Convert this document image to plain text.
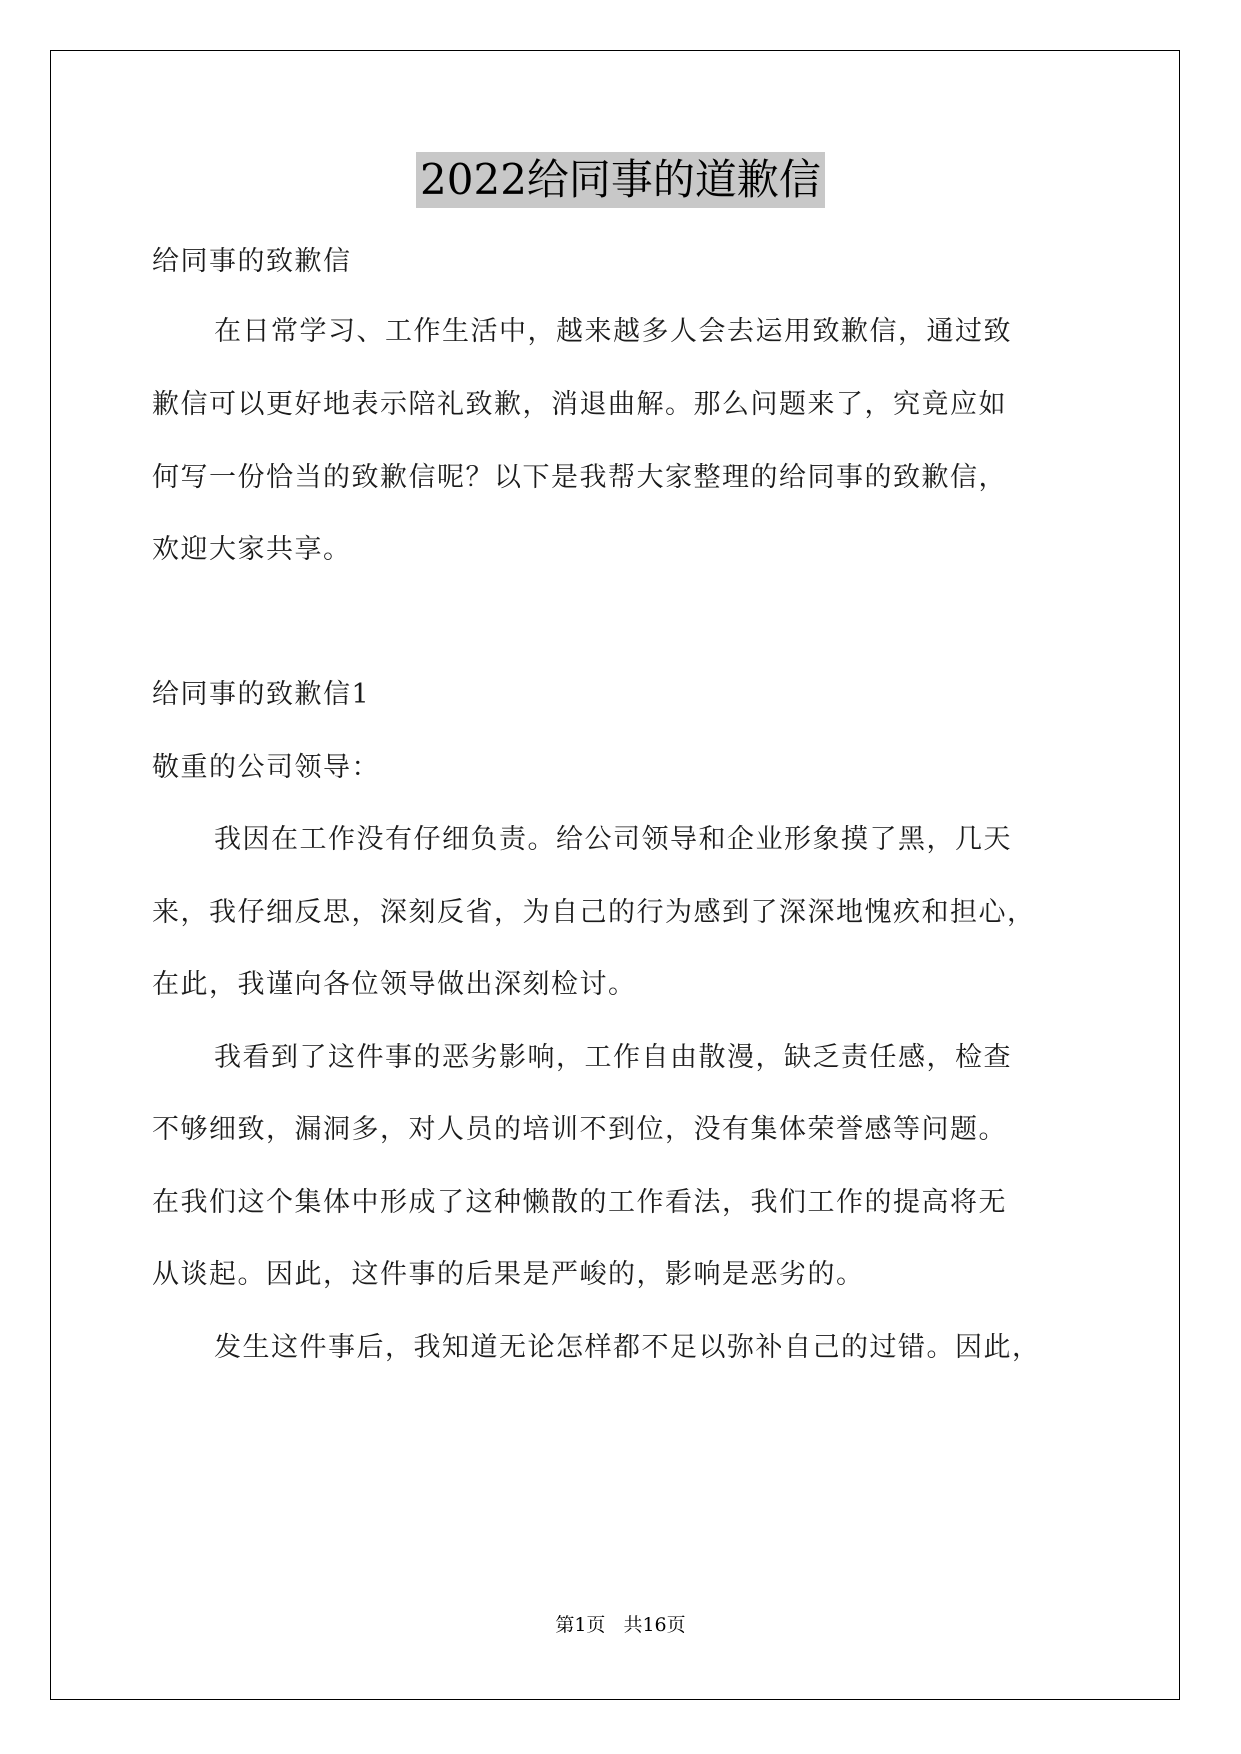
2022给同事的道歉信
给同事的致歉信
在日常学习、工作生活中，越来越多人会去运用致歉信，通过致
歉信可以更好地表示陪礼致歉，消退曲解。那么问题来了，究竟应如
何写一份恰当的致歉信呢？以下是我帮大家整理的给同事的致歉信，
欢迎大家共享。
给同事的致歉信1
敬重的公司领导：
我因在工作没有仔细负责。给公司领导和企业形象摸了黑，几天
来，我仔细反思，深刻反省，为自己的行为感到了深深地愧疚和担心，
在此，我谨向各位领导做出深刻检讨。
我看到了这件事的恶劣影响，工作自由散漫，缺乏责任感，检查
不够细致，漏洞多，对人员的培训不到位，没有集体荣誉感等问题。
在我们这个集体中形成了这种懒散的工作看法，我们工作的提高将无
从谈起。因此，这件事的后果是严峻的，影响是恶劣的。
发生这件事后，我知道无论怎样都不足以弥补自己的过错。因此，
第1页 共16页
